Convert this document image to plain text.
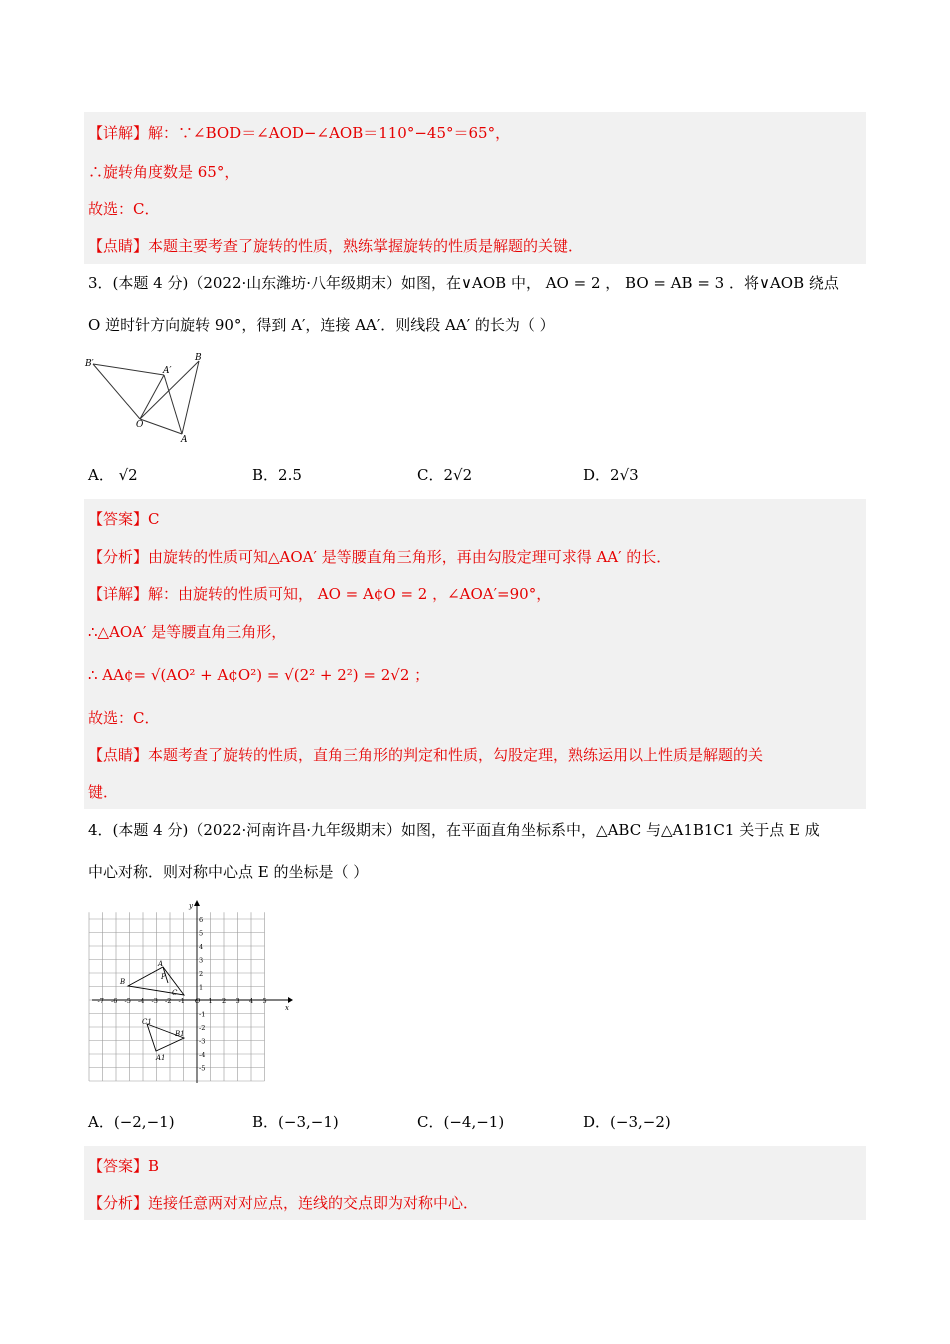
【详解】解：∵∠BOD＝∠AOD−∠AOB＝110°−45°＝65°，
∴旋转角度数是 65°，
故选：C．
【点睛】本题主要考查了旋转的性质，熟练掌握旋转的性质是解题的关键．
3．(本题 4 分)（2022·山东潍坊·八年级期末）如图，在∨AOB 中， AO = 2 ， BO = AB = 3 ．将∨AOB 绕点
O 逆时针方向旋转 90°，得到 A′，连接 AA′．则线段 AA′ 的长为（ ）
B′
A′
B
O
A
A． √2	B．2.5	C．2√2	D．2√3
【答案】C
【分析】由旋转的性质可知△AOA′ 是等腰直角三角形，再由勾股定理可求得 AA′ 的长．
【详解】解：由旋转的性质可知， AO = A¢O = 2 ，∠AOA′=90°，
∴△AOA′ 是等腰直角三角形，
∴ AA¢= √(AO² + A¢O²) = √(2² + 2²) = 2√2 ；
故选：C．
【点睛】本题考查了旋转的性质，直角三角形的判定和性质，勾股定理，熟练运用以上性质是解题的关
键．
4．(本题 4 分)（2022·河南许昌·九年级期末）如图，在平面直角坐标系中，△ABC 与△A1B1C1 关于点 E 成
中心对称．则对称中心点 E 的坐标是（ ）
x
y
-7 -6 -5 -4 -3 -2 -1 O 1 2 3 4 5
6
5
4
3
2
1
-1
-2
-3
-4
-5
A
B
C
P
C1
B1
A1
A．(−2,−1)	B．(−3,−1)	C．(−4,−1)	D．(−3,−2)
【答案】B
【分析】连接任意两对对应点，连线的交点即为对称中心．
